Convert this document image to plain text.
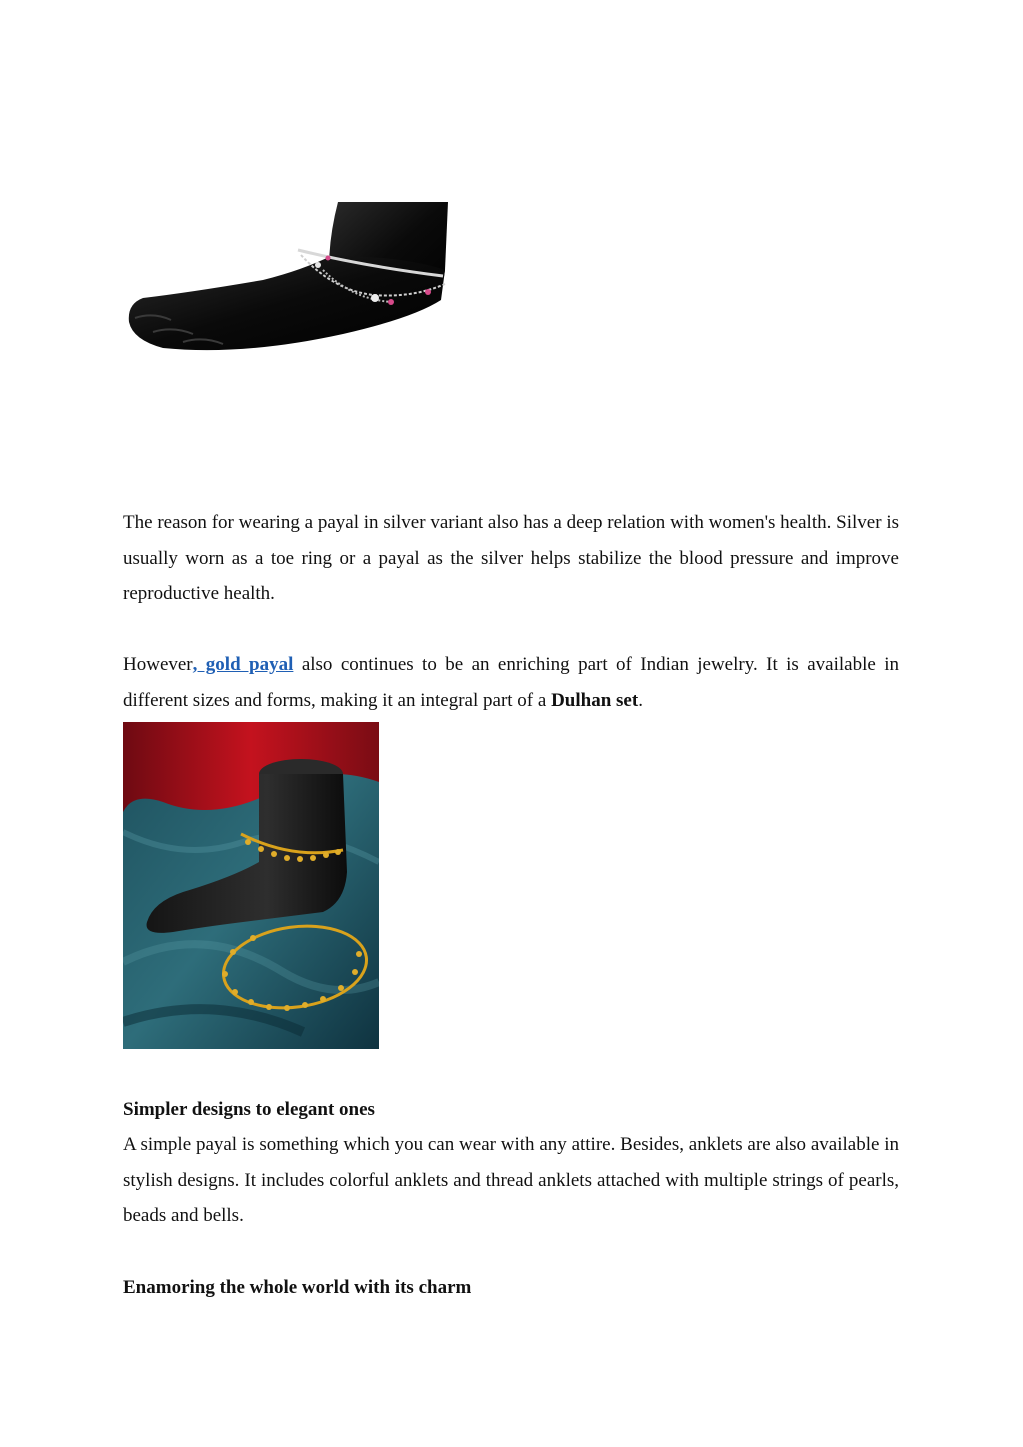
The reason for wearing a payal in silver variant also has a deep relation with women's health. Silver is usually worn as a toe ring or a payal as the silver helps stabilize the blood pressure and improve reproductive health.

However, gold payal also continues to be an enriching part of Indian jewelry. It is available in different sizes and forms, making it an integral part of a Dulhan set.

Simpler designs to elegant ones

A simple payal is something which you can wear with any attire. Besides, anklets are also available in stylish designs. It includes colorful anklets and thread anklets attached with multiple strings of pearls, beads and bells.

Enamoring the whole world with its charm
